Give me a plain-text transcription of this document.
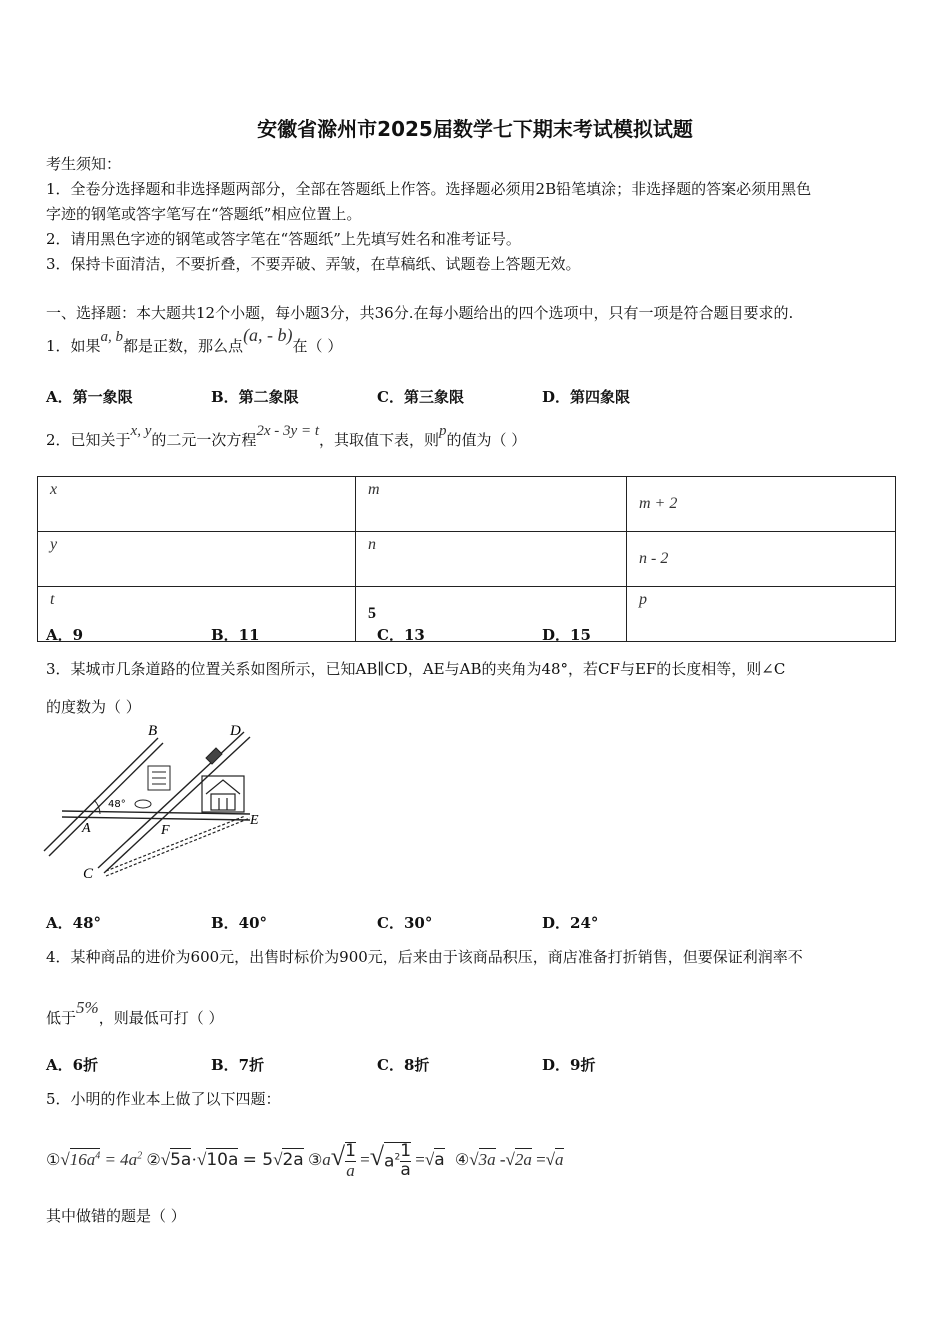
安徽省滁州市2025届数学七下期末考试模拟试题
考生须知：
1．全卷分选择题和非选择题两部分，全部在答题纸上作答。选择题必须用2B铅笔填涂；非选择题的答案必须用黑色
字迹的钢笔或答字笔写在“答题纸”相应位置上。
2．请用黑色字迹的钢笔或答字笔在“答题纸”上先填写姓名和准考证号。
3．保持卡面清洁，不要折叠，不要弄破、弄皱，在草稿纸、试题卷上答题无效。
一、选择题：本大题共12个小题，每小题3分，共36分.在每小题给出的四个选项中，只有一项是符合题目要求的.
1．如果a, b都是正数，那么点(a, - b)在（ ）
A．第一象限	B．第二象限	C．第三象限	D．第四象限
2．已知关于x, y的二元一次方程2x - 3y = t，其取值下表，则p的值为（ ）
x	m	m + 2
y	n	n - 2
t	5	p
A．9	B．11	C．13	D．15
3．某城市几条道路的位置关系如图所示，已知AB∥CD，AE与AB的夹角为48°，若CF与EF的长度相等，则∠C
的度数为（ ）
B	D
48°
A	F
E
C
A．48°	B．40°	C．30°	D．24°
4．某种商品的进价为600元，出售时标价为900元，后来由于该商品积压，商店准备打折销售，但要保证利润率不
低于5%，则最低可打（ ）
A．6折	B．7折	C．8折	D．9折
5．小明的作业本上做了以下四题：
$①√16a^4 = 4a^2$ ②√5a·√10a = 5√2a ③a√ $\frac{1}{a} =√a^2 \frac{1}{a} =√a$ ④√3a -√2a =√a
其中做错的题是（ ）
